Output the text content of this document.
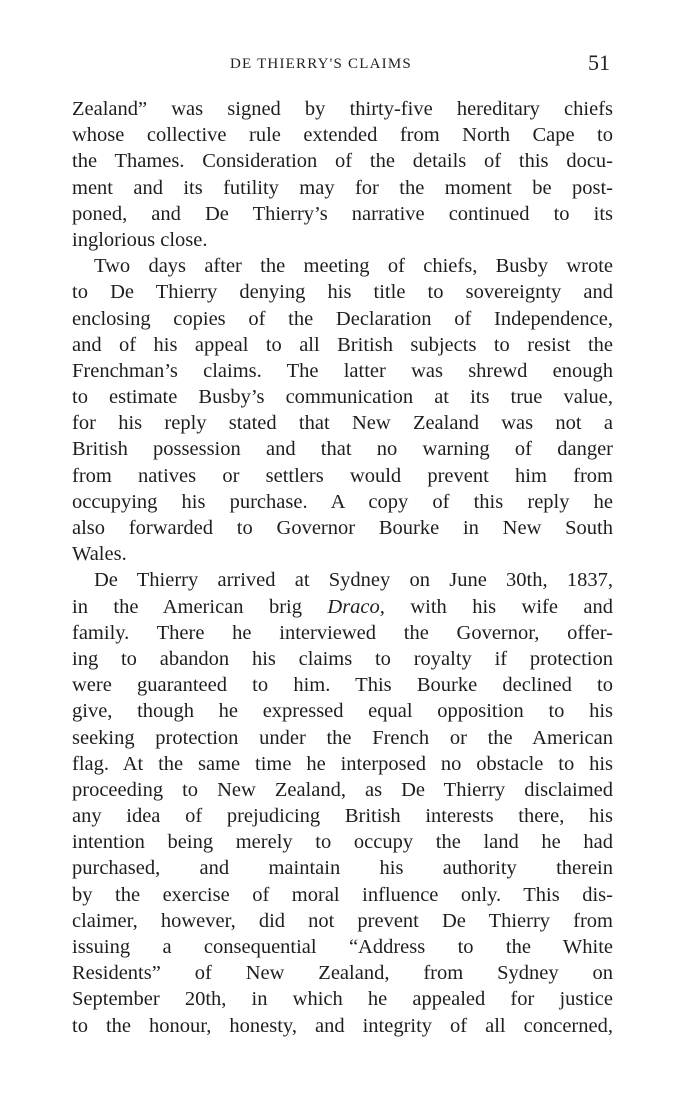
DE THIERRY'S CLAIMS	51
Zealand” was signed by thirty-five hereditary chiefs
whose collective rule extended from North Cape to
the Thames. Consideration of the details of this docu-
ment and its futility may for the moment be post-
poned, and De Thierry’s narrative continued to its
inglorious close.
Two days after the meeting of chiefs, Busby wrote
to De Thierry denying his title to sovereignty and
enclosing copies of the Declaration of Independence,
and of his appeal to all British subjects to resist the
Frenchman’s claims. The latter was shrewd enough
to estimate Busby’s communication at its true value,
for his reply stated that New Zealand was not a
British possession and that no warning of danger
from natives or settlers would prevent him from
occupying his purchase. A copy of this reply he
also forwarded to Governor Bourke in New South
Wales.
De Thierry arrived at Sydney on June 30th, 1837,
in the American brig Draco, with his wife and
family. There he interviewed the Governor, offer-
ing to abandon his claims to royalty if protection
were guaranteed to him. This Bourke declined to
give, though he expressed equal opposition to his
seeking protection under the French or the American
flag. At the same time he interposed no obstacle to his
proceeding to New Zealand, as De Thierry disclaimed
any idea of prejudicing British interests there, his
intention being merely to occupy the land he had
purchased, and maintain his authority therein
by the exercise of moral influence only. This dis-
claimer, however, did not prevent De Thierry from
issuing a consequential “Address to the White
Residents” of New Zealand, from Sydney on
September 20th, in which he appealed for justice
to the honour, honesty, and integrity of all concerned,
